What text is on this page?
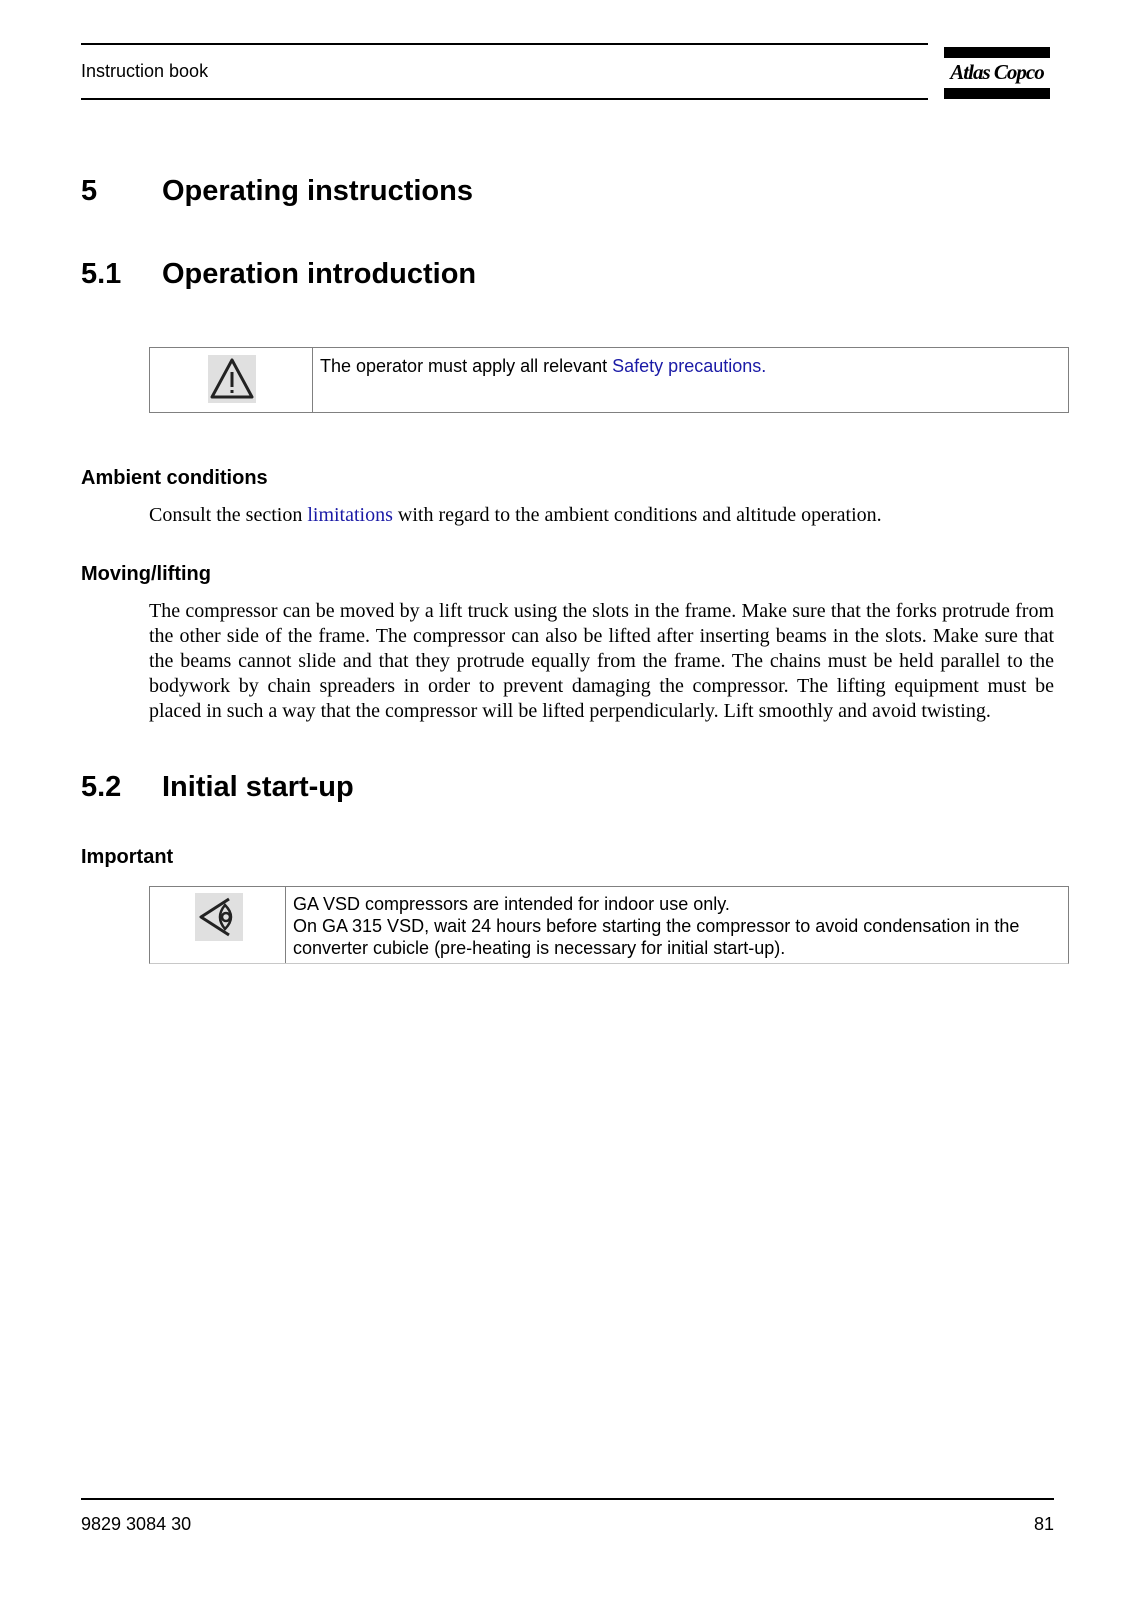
Instruction book	Atlas Copco
5 Operating instructions
5.1 Operation introduction
The operator must apply all relevant Safety precautions.
Ambient conditions
Consult the section limitations with regard to the ambient conditions and altitude operation.
Moving/lifting
The compressor can be moved by a lift truck using the slots in the frame. Make sure that the forks protrude from the other side of the frame. The compressor can also be lifted after inserting beams in the slots. Make sure that the beams cannot slide and that they protrude equally from the frame. The chains must be held parallel to the bodywork by chain spreaders in order to prevent damaging the compressor. The lifting equipment must be placed in such a way that the compressor will be lifted perpendicularly. Lift smoothly and avoid twisting.
5.2 Initial start-up
Important
GA VSD compressors are intended for indoor use only.
On GA 315 VSD, wait 24 hours before starting the compressor to avoid condensation in the
converter cubicle (pre-heating is necessary for initial start-up).
9829 3084 30	81
